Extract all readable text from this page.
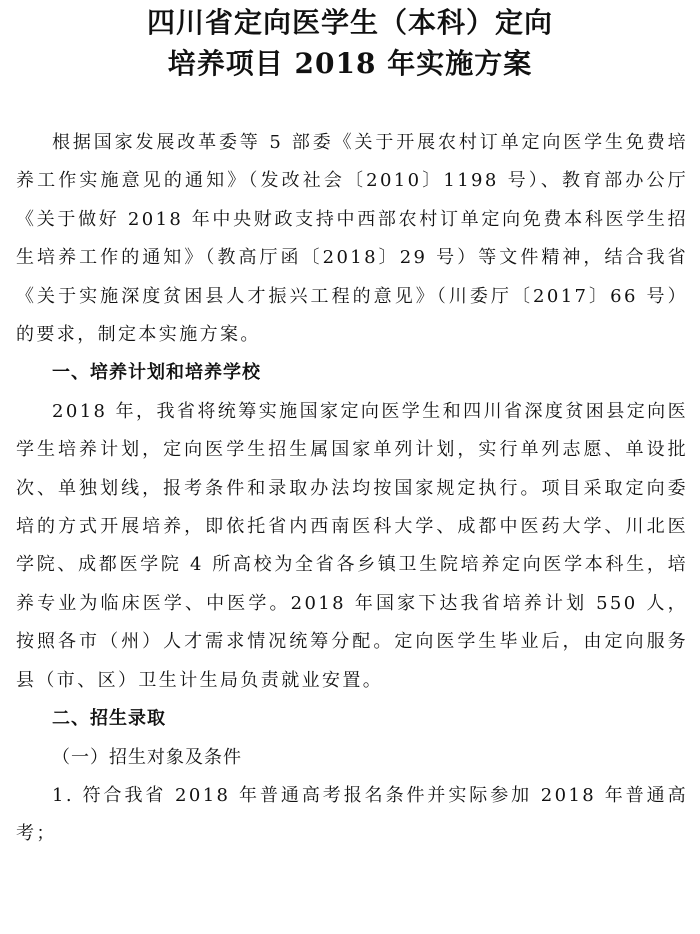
四川省定向医学生（本科）定向
培养项目 2018 年实施方案

根据国家发展改革委等 5 部委《关于开展农村订单定向医学生免费培养工作实施意见的通知》（发改社会〔2010〕1198 号）、教育部办公厅《关于做好 2018 年中央财政支持中西部农村订单定向免费本科医学生招生培养工作的通知》（教高厅函〔2018〕29 号）等文件精神，结合我省《关于实施深度贫困县人才振兴工程的意见》（川委厅〔2017〕66 号）的要求，制定本实施方案。

一、培养计划和培养学校

2018 年，我省将统筹实施国家定向医学生和四川省深度贫困县定向医学生培养计划，定向医学生招生属国家单列计划，实行单列志愿、单设批次、单独划线，报考条件和录取办法均按国家规定执行。项目采取定向委培的方式开展培养，即依托省内西南医科大学、成都中医药大学、川北医学院、成都医学院 4 所高校为全省各乡镇卫生院培养定向医学本科生，培养专业为临床医学、中医学。2018 年国家下达我省培养计划 550 人，按照各市（州）人才需求情况统筹分配。定向医学生毕业后，由定向服务县（市、区）卫生计生局负责就业安置。

二、招生录取

（一）招生对象及条件

1. 符合我省 2018 年普通高考报名条件并实际参加 2018 年普通高考；
